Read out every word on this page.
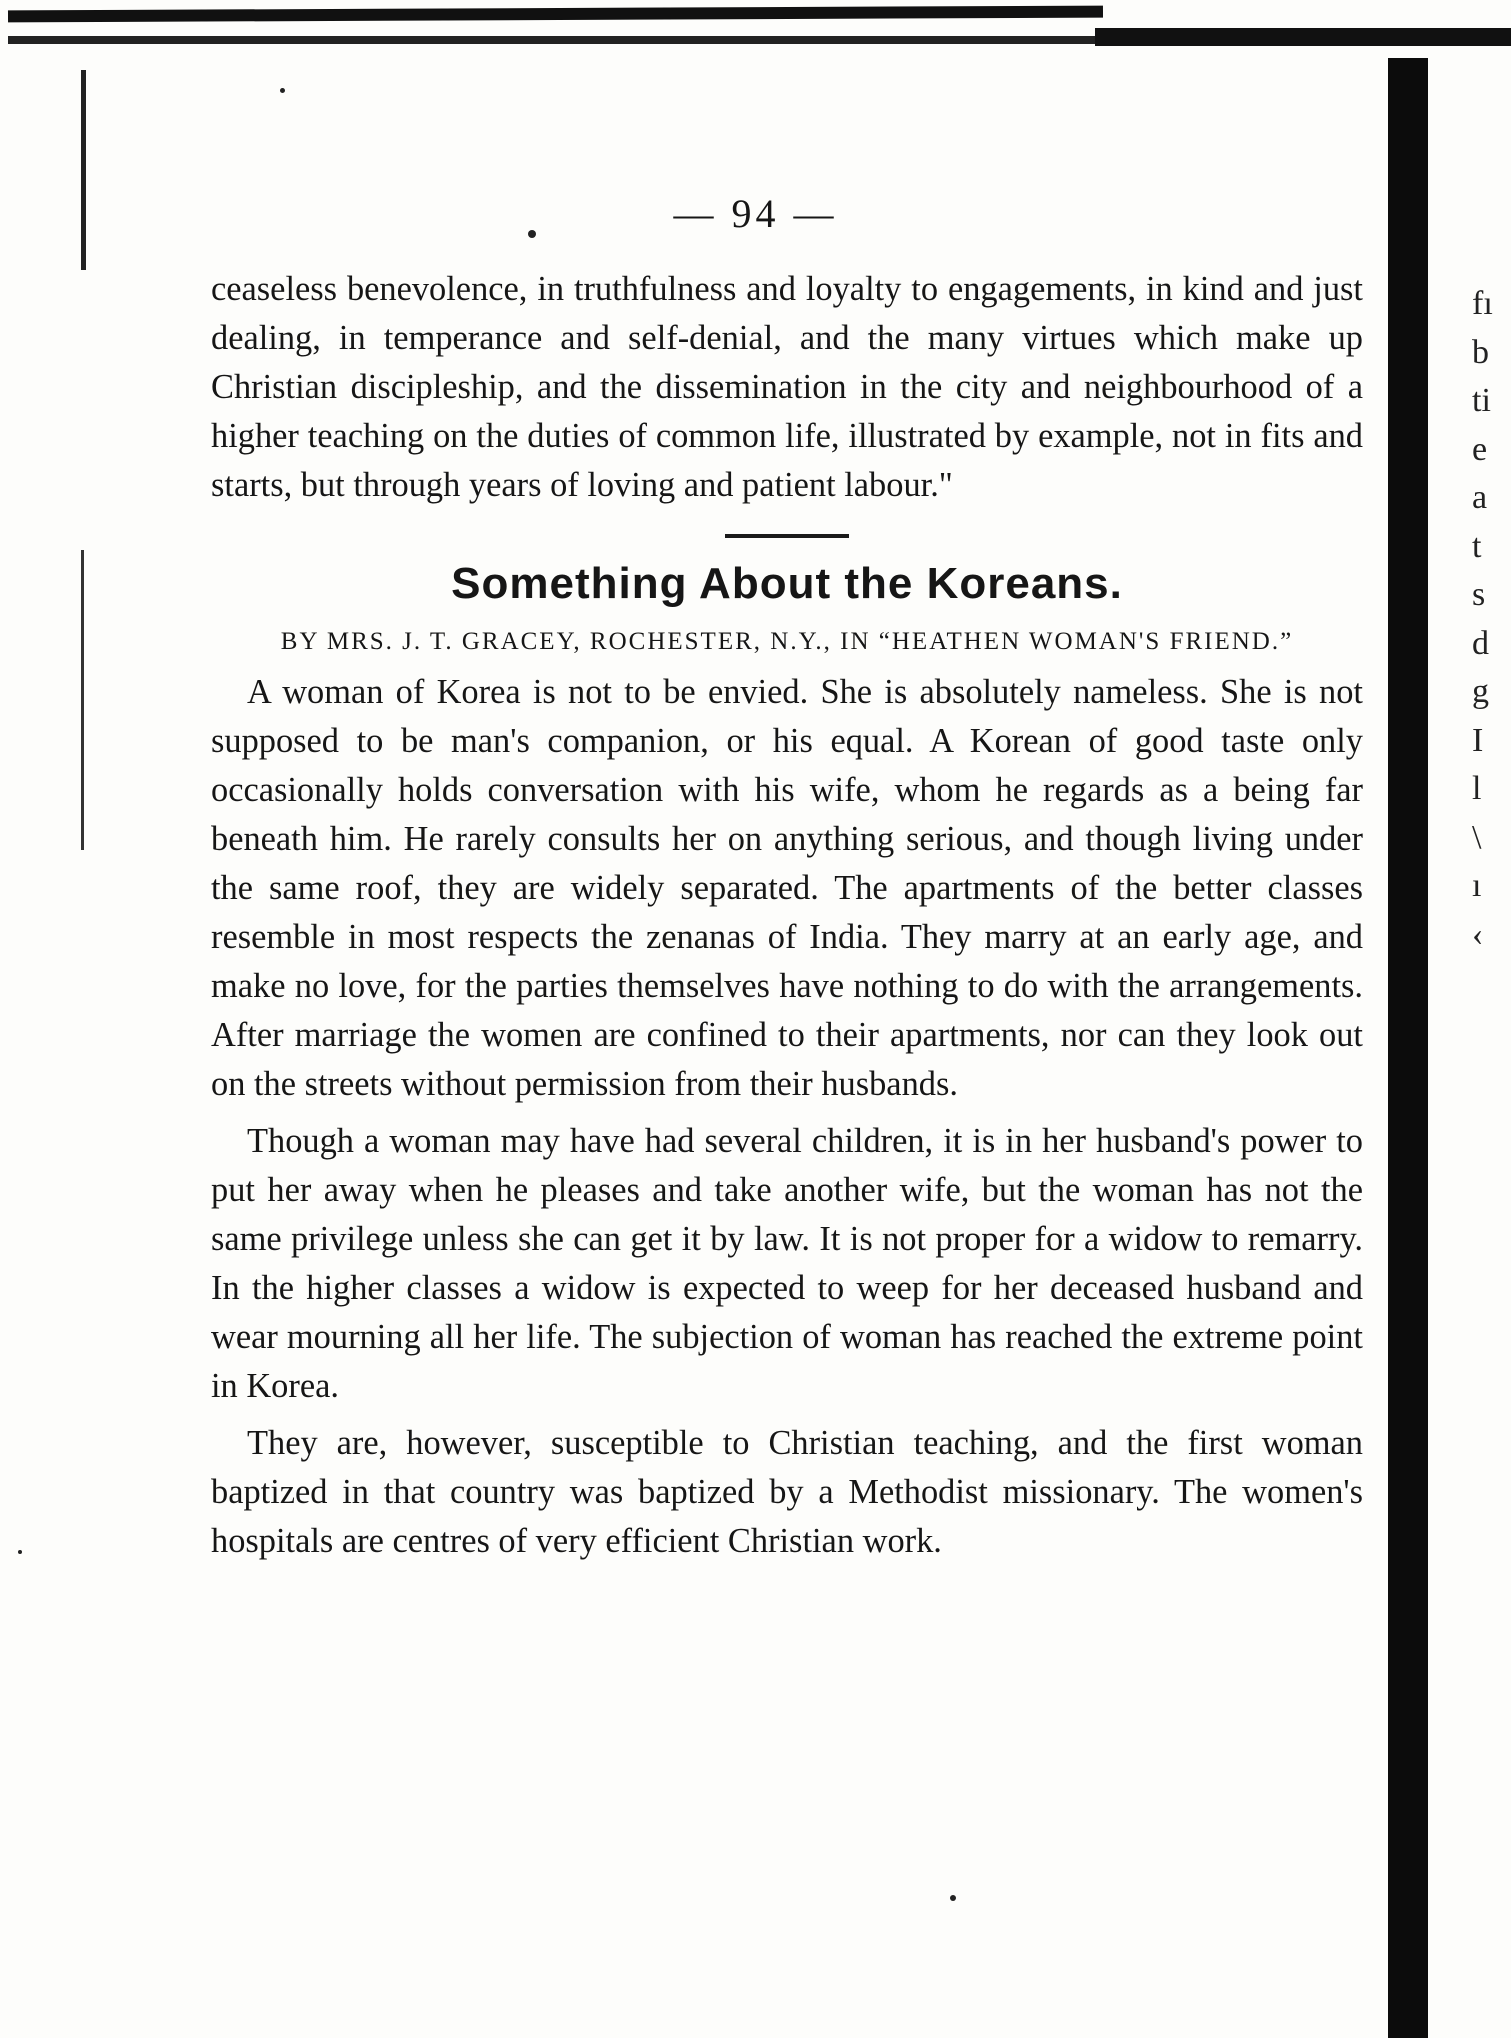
— 94 —

ceaseless benevolence, in truthfulness and loyalty to engagements, in kind and just dealing, in temperance and self-denial, and the many virtues which make up Christian discipleship, and the dissemination in the city and neighbourhood of a higher teaching on the duties of common life, illustrated by example, not in fits and starts, but through years of loving and patient labour."

Something About the Koreans.
BY MRS. J. T. GRACEY, ROCHESTER, N.Y., IN “HEATHEN WOMAN'S FRIEND.”

A woman of Korea is not to be envied. She is absolutely nameless. She is not supposed to be man's companion, or his equal. A Korean of good taste only occasionally holds conversation with his wife, whom he regards as a being far beneath him. He rarely consults her on anything serious, and though living under the same roof, they are widely separated. The apartments of the better classes resemble in most respects the zenanas of India. They marry at an early age, and make no love, for the parties themselves have nothing to do with the arrangements. After marriage the women are confined to their apartments, nor can they look out on the streets without permission from their husbands.

Though a woman may have had several children, it is in her husband's power to put her away when he pleases and take another wife, but the woman has not the same privilege unless she can get it by law. It is not proper for a widow to remarry. In the higher classes a widow is expected to weep for her deceased husband and wear mourning all her life. The subjection of woman has reached the extreme point in Korea.

They are, however, susceptible to Christian teaching, and the first woman baptized in that country was baptized by a Methodist missionary. The women's hospitals are centres of very efficient Christian work.

fı
b
ti
e
a
t
s
d
g
I
l
\
ı
‹
